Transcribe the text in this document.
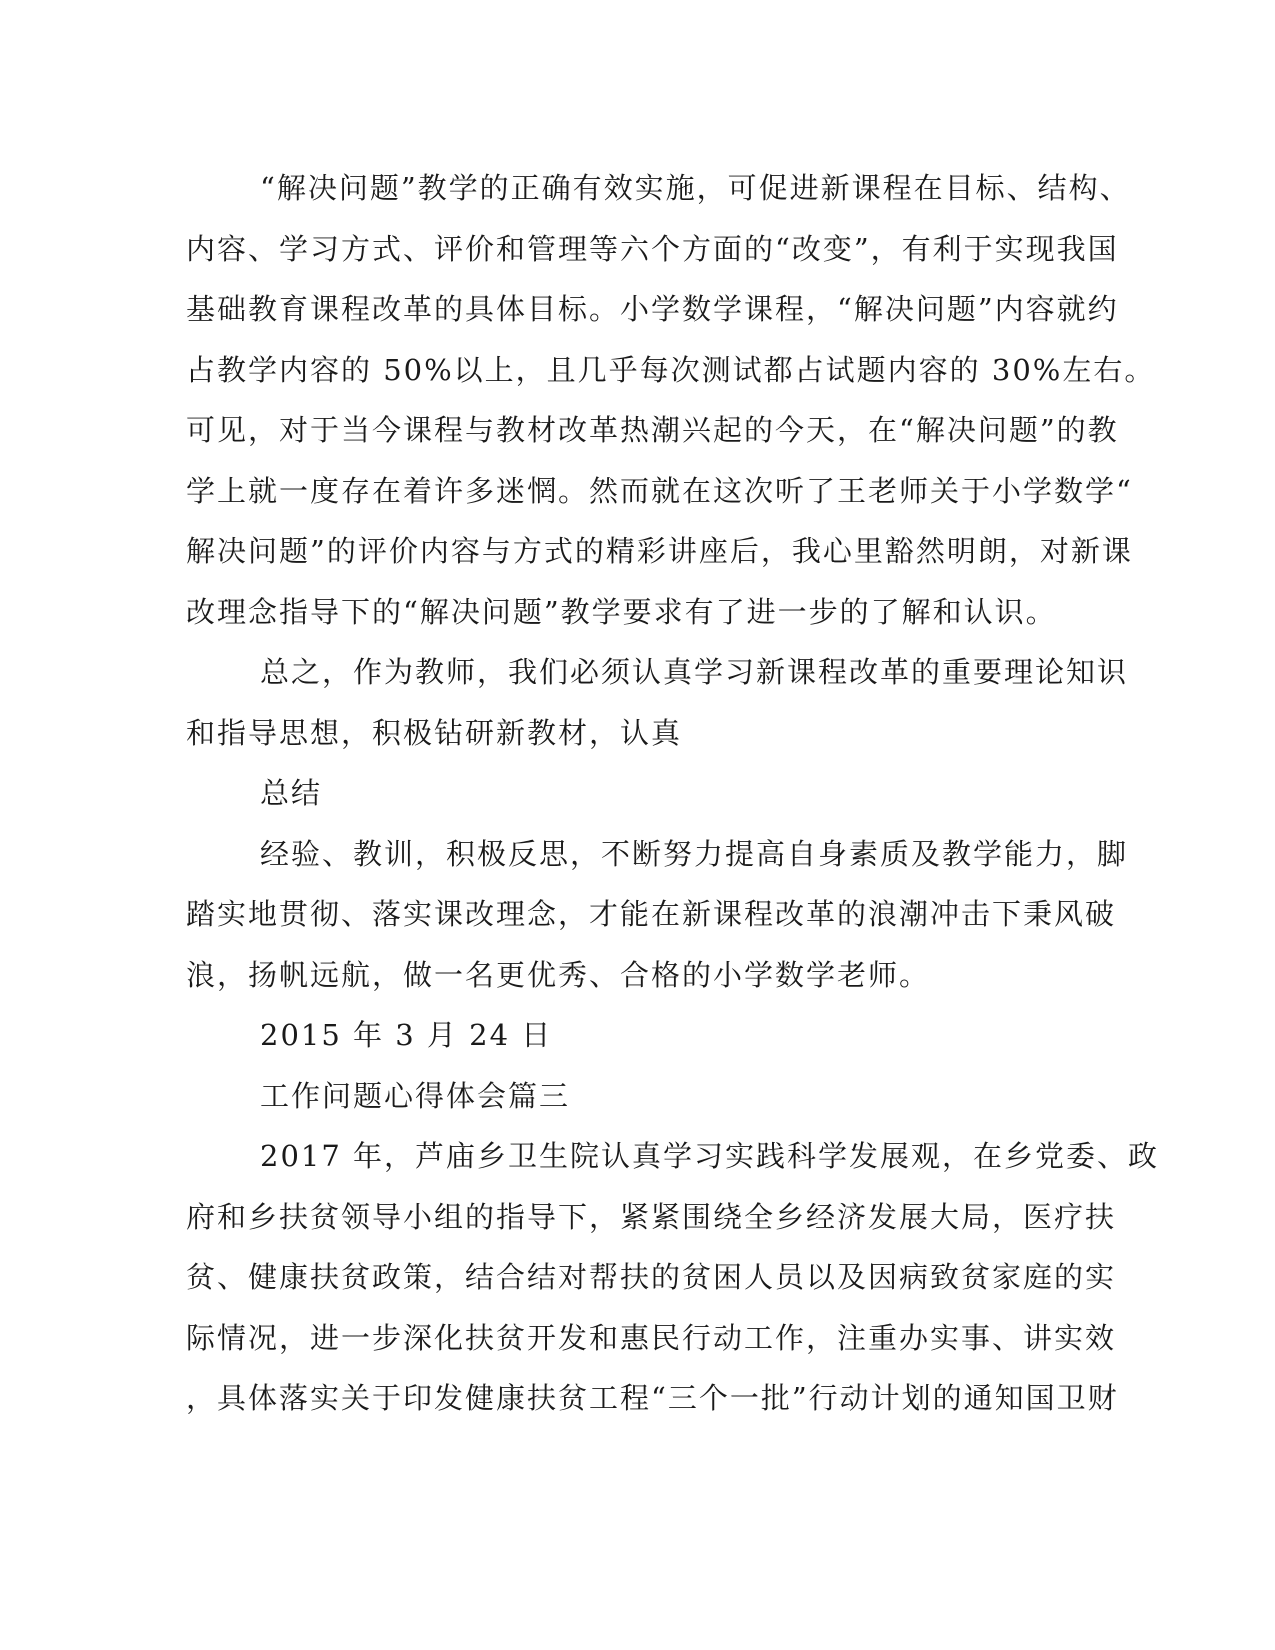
“解决问题”教学的正确有效实施，可促进新课程在目标、结构、
内容、学习方式、评价和管理等六个方面的“改变”，有利于实现我国
基础教育课程改革的具体目标。小学数学课程，“解决问题”内容就约
占教学内容的 50%以上，且几乎每次测试都占试题内容的 30%左右。
可见，对于当今课程与教材改革热潮兴起的今天，在“解决问题”的教
学上就一度存在着许多迷惘。然而就在这次听了王老师关于小学数学“
解决问题”的评价内容与方式的精彩讲座后，我心里豁然明朗，对新课
改理念指导下的“解决问题”教学要求有了进一步的了解和认识。
总之，作为教师，我们必须认真学习新课程改革的重要理论知识
和指导思想，积极钻研新教材，认真
总结
经验、教训，积极反思，不断努力提高自身素质及教学能力，脚
踏实地贯彻、落实课改理念，才能在新课程改革的浪潮冲击下秉风破
浪，扬帆远航，做一名更优秀、合格的小学数学老师。
2015 年 3 月 24 日
工作问题心得体会篇三
2017 年，芦庙乡卫生院认真学习实践科学发展观，在乡党委、政
府和乡扶贫领导小组的指导下，紧紧围绕全乡经济发展大局，医疗扶
贫、健康扶贫政策，结合结对帮扶的贫困人员以及因病致贫家庭的实
际情况，进一步深化扶贫开发和惠民行动工作，注重办实事、讲实效
，具体落实关于印发健康扶贫工程“三个一批”行动计划的通知国卫财
